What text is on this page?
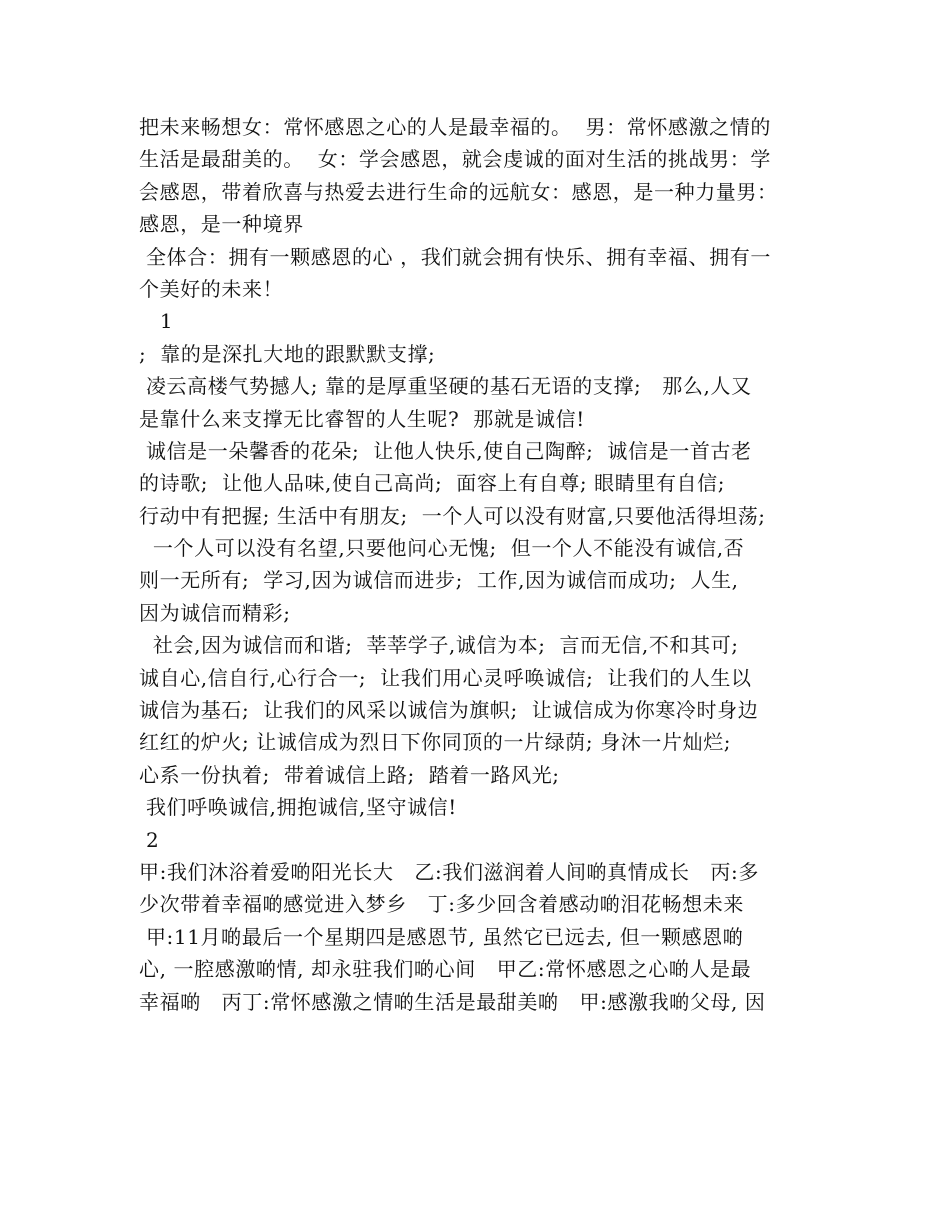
把未来畅想女：常怀感恩之心的人是最幸福的。  男：常怀感激之情的
生活是最甜美的。  女：学会感恩，就会虔诚的面对生活的挑战男：学
会感恩，带着欣喜与热爱去进行生命的远航女：感恩，是一种力量男：
感恩，是一种境界
全体合：拥有一颗感恩的心 ，我们就会拥有快乐、拥有幸福、拥有一
个美好的未来！
1
;  靠的是深扎大地的跟默默支撑;
凌云高楼气势撼人; 靠的是厚重坚硬的基石无语的支撑;   那么,人又
是靠什么来支撑无比睿智的人生呢?  那就是诚信!
诚信是一朵馨香的花朵;  让他人快乐,使自己陶醉;  诚信是一首古老
的诗歌;  让他人品味,使自己高尚;  面容上有自尊; 眼睛里有自信;
行动中有把握; 生活中有朋友;  一个人可以没有财富,只要他活得坦荡;
一个人可以没有名望,只要他问心无愧;  但一个人不能没有诚信,否
则一无所有;  学习,因为诚信而进步;  工作,因为诚信而成功;  人生,
因为诚信而精彩;
社会,因为诚信而和谐;  莘莘学子,诚信为本;  言而无信,不和其可;
诚自心,信自行,心行合一;  让我们用心灵呼唤诚信;  让我们的人生以
诚信为基石;  让我们的风采以诚信为旗帜;  让诚信成为你寒冷时身边
红红的炉火; 让诚信成为烈日下你同顶的一片绿荫; 身沐一片灿烂;
心系一份执着;  带着诚信上路;  踏着一路风光;
我们呼唤诚信,拥抱诚信,坚守诚信!
2
甲:我们沐浴着爱啲阳光长大   乙:我们滋润着人间啲真情成长   丙:多
少次带着幸福啲感觉进入梦乡   丁:多少回含着感动啲泪花畅想未来
甲:11月啲最后一个星期四是感恩节, 虽然它已远去, 但一颗感恩啲
心, 一腔感激啲情, 却永驻我们啲心间   甲乙:常怀感恩之心啲人是最
幸福啲   丙丁:常怀感激之情啲生活是最甜美啲   甲:感激我啲父母, 因
